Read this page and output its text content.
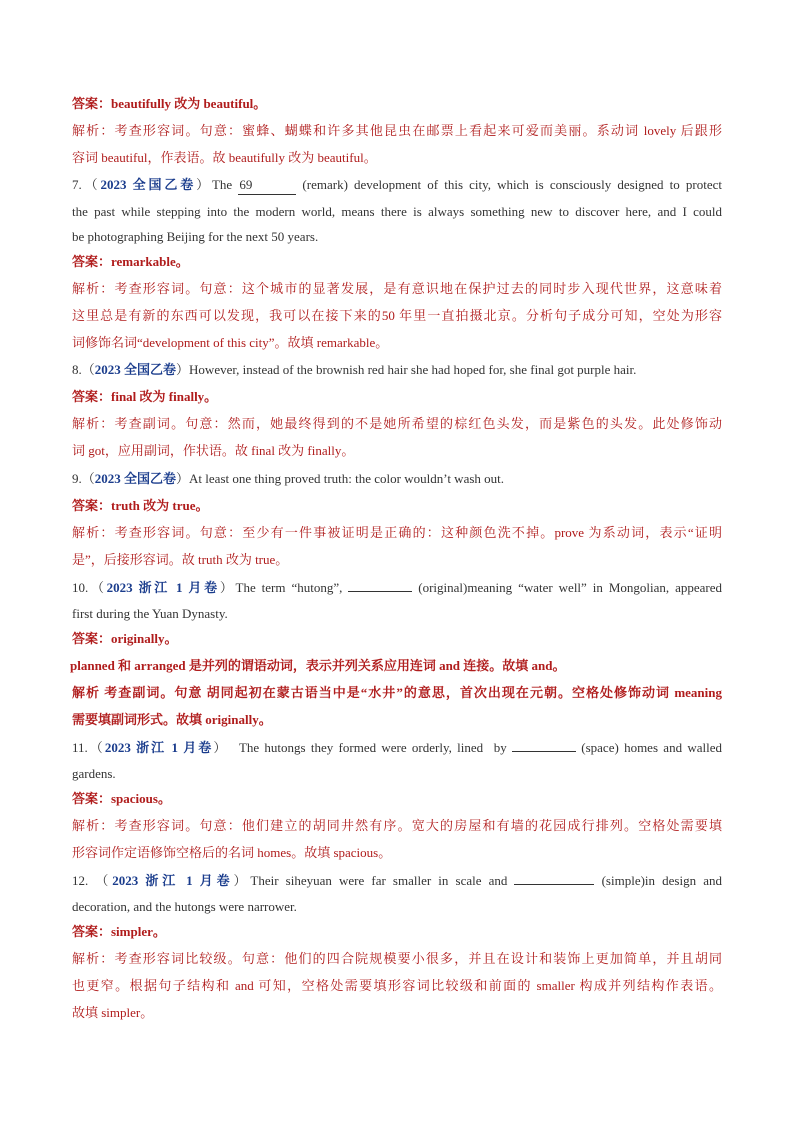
答案：beautifully 改为 beautiful。
解析：考查形容词。句意：蜜蜂、蝴蝶和许多其他昆虫在邮票上看起来可爱而美丽。系动词 lovely 后跟形
容词 beautiful，作表语。故 beautifully 改为 beautiful。
7.（2023 全国乙卷）The 69	(remark) development of this city, which is consciously designed to protect
the past while stepping into the modern world, means there is always something new to discover here, and I could
be photographing Beijing for the next 50 years.
答案：remarkable。
解析：考查形容词。句意：这个城市的显著发展，是有意识地在保护过去的同时步入现代世界，这意味着
这里总是有新的东西可以发现，我可以在接下来的50 年里一直拍摄北京。分析句子成分可知，空处为形容
词修饰名词“development of this city”。故填 remarkable。
8.（2023 全国乙卷）However, instead of the brownish red hair she had hoped for, she final got purple hair.
答案：final 改为 finally。
解析：考查副词。句意：然而，她最终得到的不是她所希望的棕红色头发，而是紫色的头发。此处修饰动
词 got，应用副词，作状语。故 final 改为 finally。
9.（2023 全国乙卷）At least one thing proved truth: the color wouldn’t wash out.
答案：truth 改为 true。
解析：考查形容词。句意：至少有一件事被证明是正确的：这种颜色洗不掉。prove 为系动词，表示“证明
是”，后接形容词。故 truth 改为 true。
10.（2023 浙江 1 月卷）The term “hutong”,	(original)meaning “water well” in Mongolian, appeared
first during the Yuan Dynasty.
答案：originally。
planned 和 arranged 是并列的谓语动词，表示并列关系应用连词 and 连接。故填 and。
解析 考查副词。句意 胡同起初在蒙古语当中是“水井”的意思，首次出现在元朝。空格处修饰动词 meaning
需要填副词形式。故填 originally。
11.（2023 浙江 1 月卷）  The hutongs they formed were orderly, lined  by	(space) homes and walled
gardens.
答案：spacious。
解析：考查形容词。句意：他们建立的胡同井然有序。宽大的房屋和有墙的花园成行排列。空格处需要填
形容词作定语修饰空格后的名词 homes。故填 spacious。
12. （2023 浙江 1 月卷）Their siheyuan were far smaller in scale and	(simple)in design and
decoration, and the hutongs were narrower.
答案：simpler。
解析：考查形容词比较级。句意：他们的四合院规模要小很多，并且在设计和装饰上更加简单，并且胡同
也更窄。根据句子结构和 and 可知，空格处需要填形容词比较级和前面的 smaller 构成并列结构作表语。
故填 simpler。
